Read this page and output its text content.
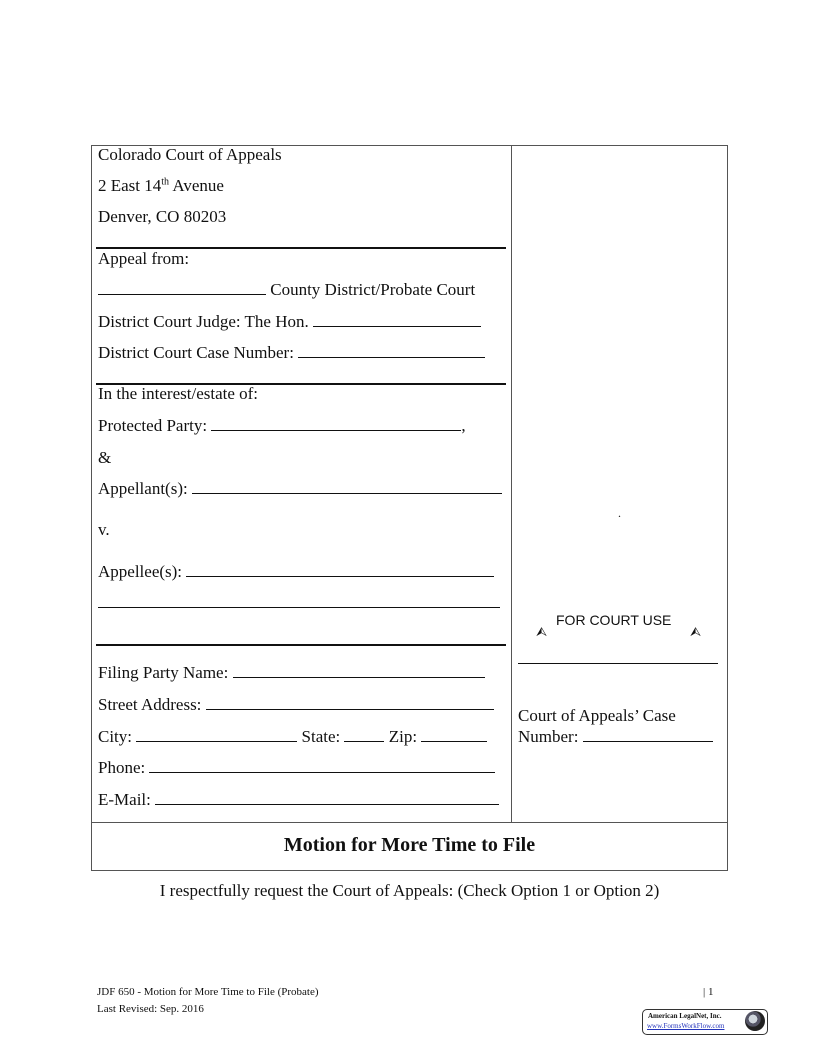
Colorado Court of Appeals
2 East 14th Avenue
Denver, CO 80203
Appeal from:
County District/Probate Court
District Court Judge: The Hon.
District Court Case Number:
In the interest/estate of:
Protected Party:	,
&
Appellant(s):
v.
Appellee(s):
Filing Party Name:
Street Address:
City:	State:  Zip:
Phone:
E-Mail:
.
⮙
FOR COURT USE
⮙
Court of Appeals’ Case
Number:
Motion for More Time to File
I respectfully request the Court of Appeals: (Check Option 1 or Option 2)
JDF 650 - Motion for More Time to File (Probate)
Last Revised: Sep. 2016
| 1
American LegalNet, Inc.
www.FormsWorkFlow.com
